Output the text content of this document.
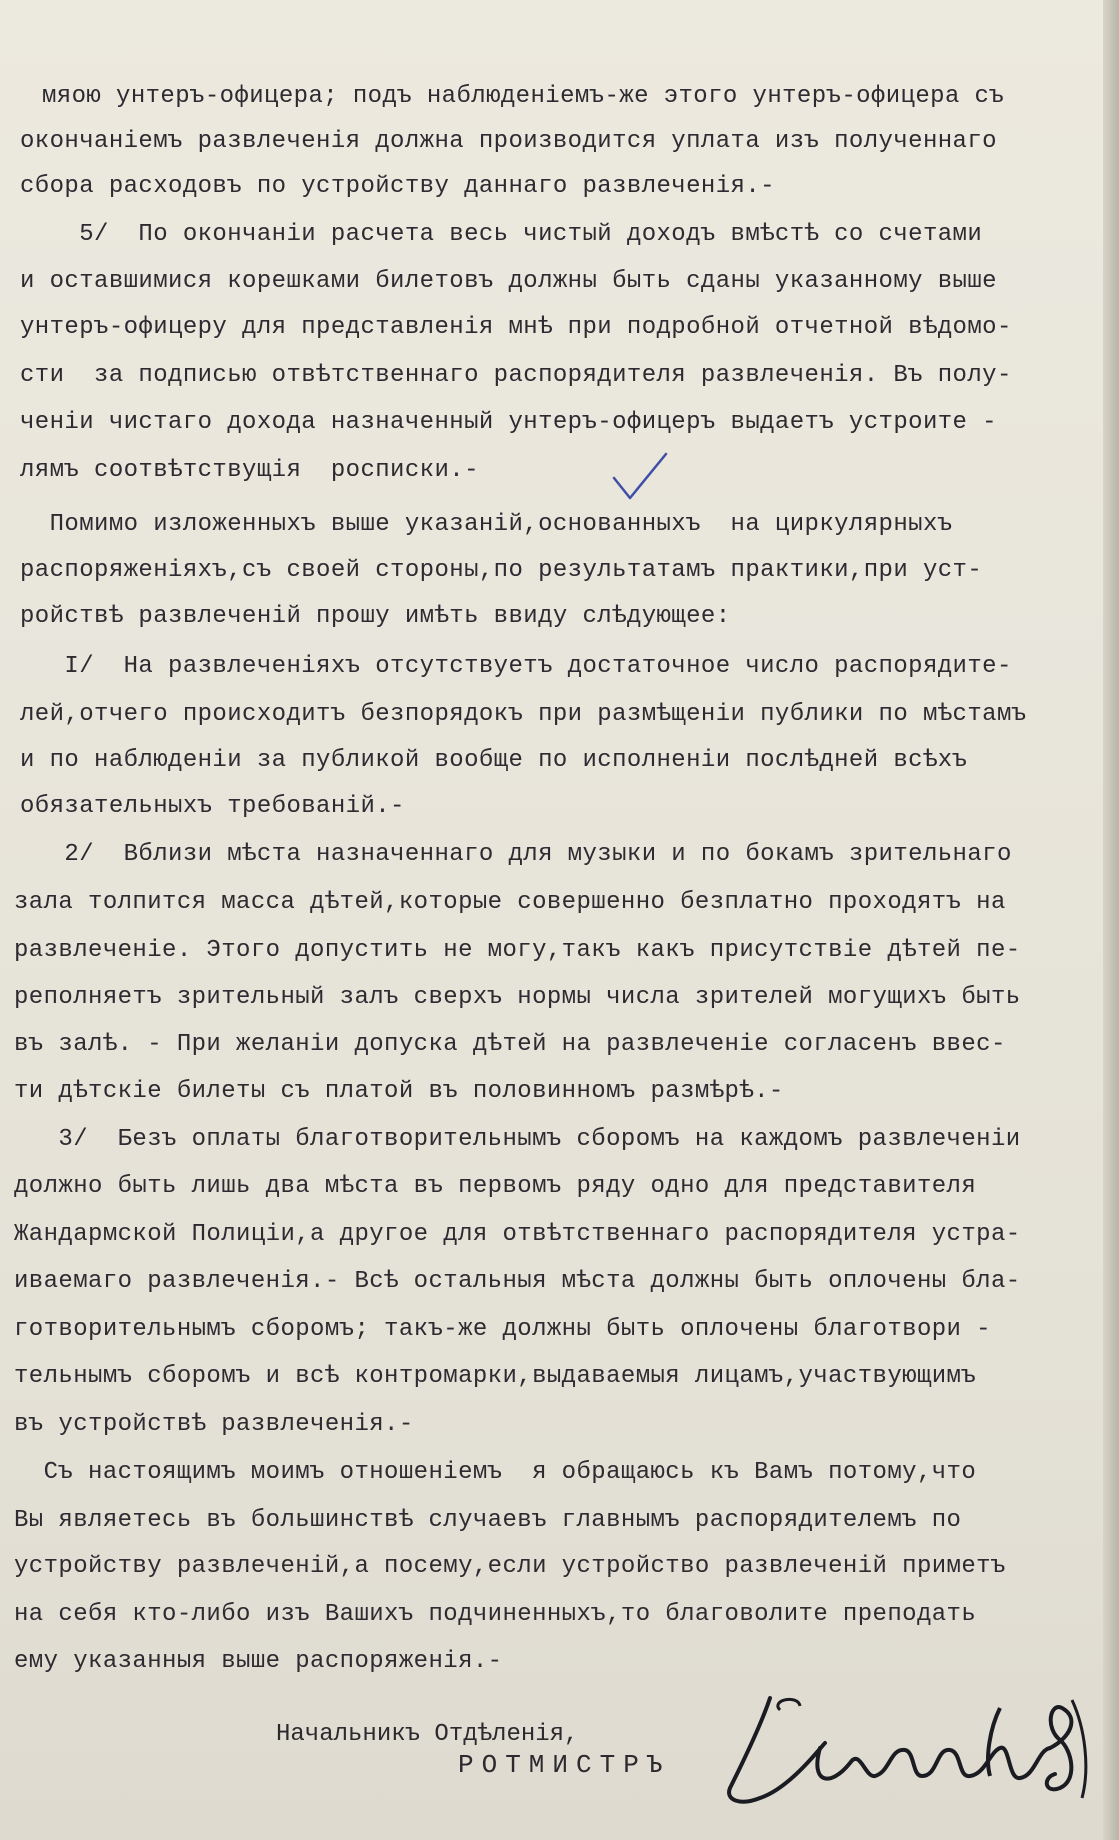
мяою унтеръ-офицера; подъ наблюденіемъ-же этого унтеръ-офицера съ
окончаніемъ развлеченія должна производится уплата изъ полученнаго
сбора расходовъ по устройству даннаго развлеченія.-
5/  По окончаніи расчета весь чистый доходъ вмѣстѣ со счетами
и оставшимися корешками билетовъ должны быть сданы указанному выше
унтеръ-офицеру для представленія мнѣ при подробной отчетной вѣдомо-
сти  за подписью отвѣтственнаго распорядителя развлеченія. Въ полу-
ченіи чистаго дохода назначенный унтеръ-офицеръ выдаетъ устроите -
лямъ соотвѣтствущія  росписки.-
Помимо изложенныхъ выше указаній,основанныхъ  на циркулярныхъ
распоряженіяхъ,съ своей стороны,по результатамъ практики,при уст-
ройствѣ развлеченій прошу имѣть ввиду слѣдующее:
I/  На развлеченіяхъ отсутствуетъ достаточное число распорядите-
лей,отчего происходитъ безпорядокъ при размѣщеніи публики по мѣстамъ
и по наблюденіи за публикой вообще по исполненіи послѣдней всѣхъ
обязательныхъ требованій.-
2/  Вблизи мѣста назначеннаго для музыки и по бокамъ зрительнаго
зала толпится масса дѣтей,которые совершенно безплатно проходятъ на
развлеченіе. Этого допустить не могу,такъ какъ присутствіе дѣтей пе-
реполняетъ зрительный залъ сверхъ нормы числа зрителей могущихъ быть
въ залѣ. - При желаніи допуска дѣтей на развлеченіе согласенъ ввес-
ти дѣтскіе билеты съ платой въ половинномъ размѣрѣ.-
3/  Безъ оплаты благотворительнымъ сборомъ на каждомъ развлеченіи
должно быть лишь два мѣста въ первомъ ряду одно для представителя
Жандармской Полиціи,а другое для отвѣтственнаго распорядителя устра-
иваемаго развлеченія.- Всѣ остальныя мѣста должны быть оплочены бла-
готворительнымъ сборомъ; такъ-же должны быть оплочены благотвори -
тельнымъ сборомъ и всѣ контромарки,выдаваемыя лицамъ,участвующимъ
въ устройствѣ развлеченія.-
Съ настоящимъ моимъ отношеніемъ  я обращаюсь къ Вамъ потому,что
Вы являетесь въ большинствѣ случаевъ главнымъ распорядителемъ по
устройству развлеченій,а посему,если устройство развлеченій приметъ
на себя кто-либо изъ Вашихъ подчиненныхъ,то благоволите преподать
ему указанныя выше распоряженія.-
Начальникъ Отдѣленія,
РОТМИСТРЪ
